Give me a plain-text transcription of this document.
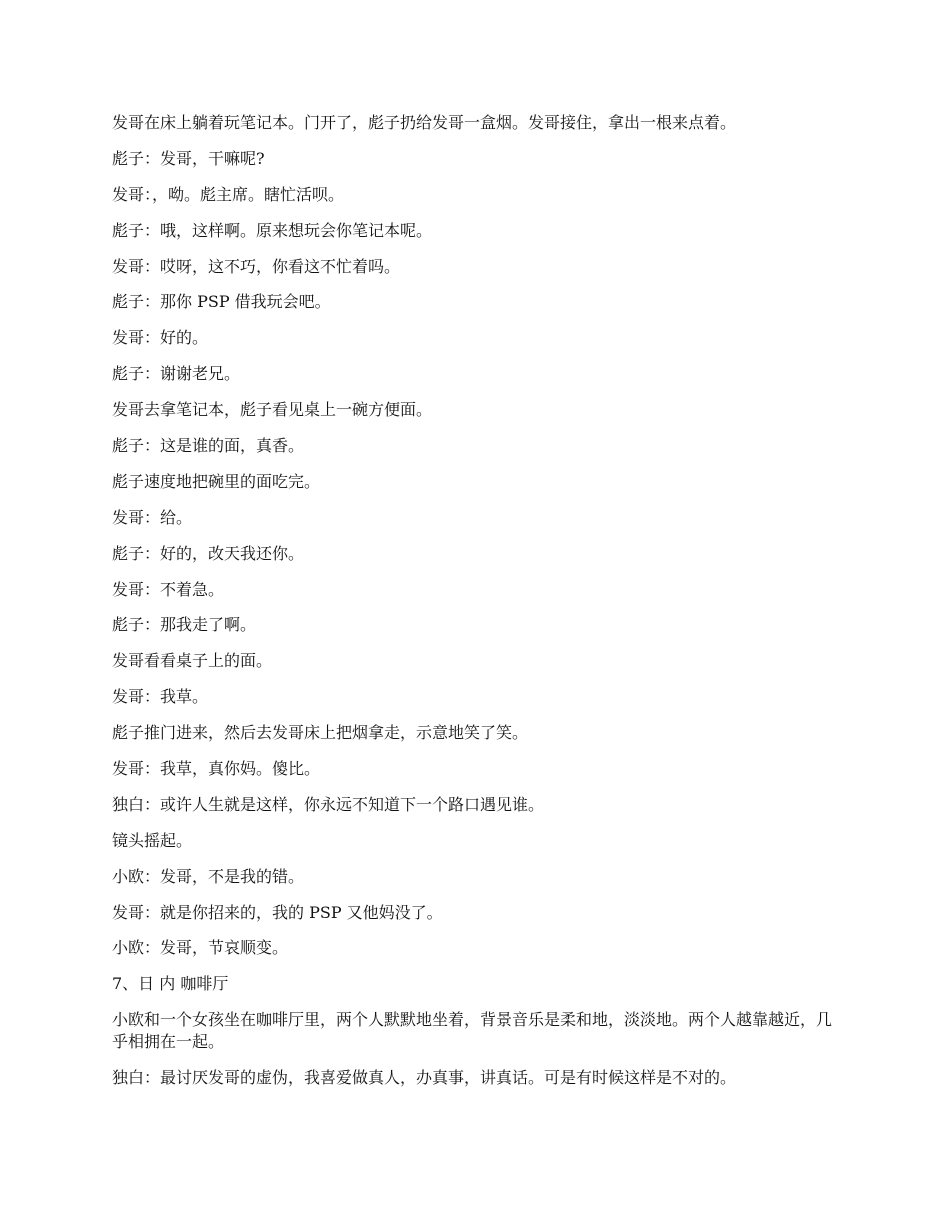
发哥在床上躺着玩笔记本。门开了，彪子扔给发哥一盒烟。发哥接住，拿出一根来点着。

彪子：发哥，干嘛呢?

发哥：，呦。彪主席。瞎忙活呗。

彪子：哦，这样啊。原来想玩会你笔记本呢。

发哥：哎呀，这不巧，你看这不忙着吗。

彪子：那你 PSP 借我玩会吧。

发哥：好的。

彪子：谢谢老兄。

发哥去拿笔记本，彪子看见桌上一碗方便面。

彪子：这是谁的面，真香。

彪子速度地把碗里的面吃完。

发哥：给。

彪子：好的，改天我还你。

发哥：不着急。

彪子：那我走了啊。

发哥看看桌子上的面。

发哥：我草。

彪子推门进来，然后去发哥床上把烟拿走，示意地笑了笑。

发哥：我草，真你妈。傻比。

独白：或许人生就是这样，你永远不知道下一个路口遇见谁。

镜头摇起。

小欧：发哥，不是我的错。

发哥：就是你招来的，我的 PSP 又他妈没了。

小欧：发哥，节哀顺变。

7、日 内 咖啡厅

小欧和一个女孩坐在咖啡厅里，两个人默默地坐着，背景音乐是柔和地，淡淡地。两个人越靠越近，几乎相拥在一起。

独白：最讨厌发哥的虚伪，我喜爱做真人，办真事，讲真话。可是有时候这样是不对的。
